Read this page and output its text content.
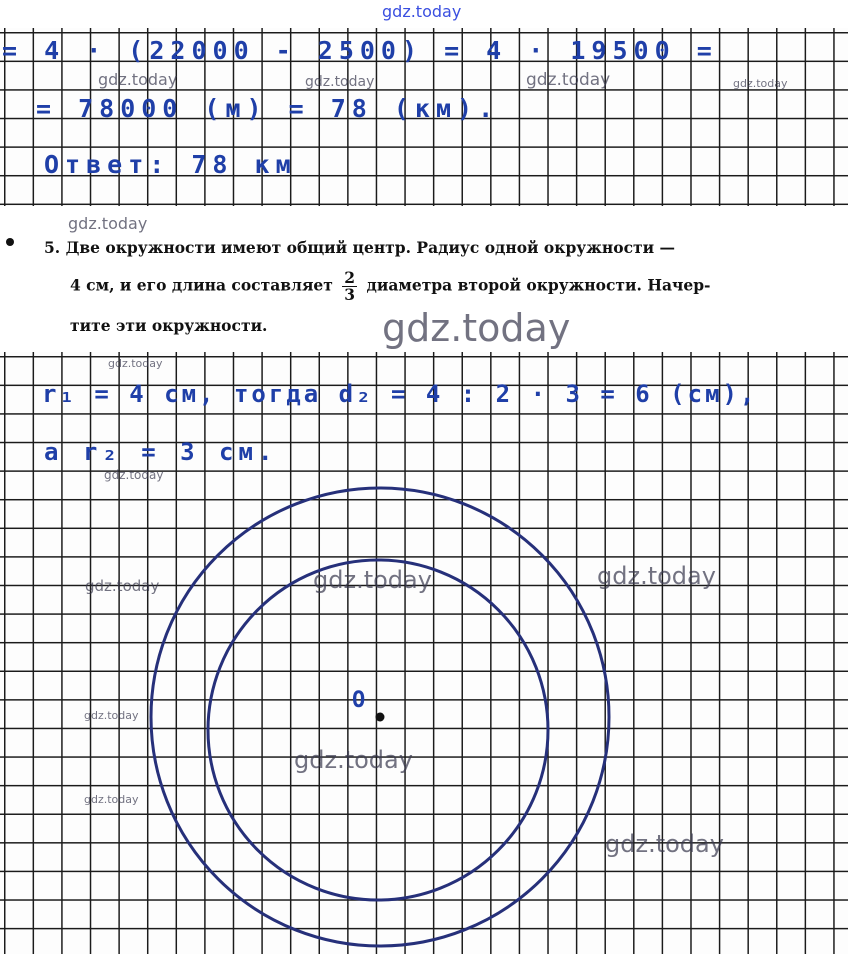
gdz.today
= 4 · (22000 - 2500) = 4 · 19500 =
= 78000 (м) = 78 (км).
Ответ: 78 км
gdz.today	gdz.today	gdz.today	gdz.today
gdz.today
5. Две окружности имеют общий центр. Радиус одной окружности —
4 см, и его длина составляет $\frac{2}{3}$ диаметра второй окружности. Начер-
тите эти окружности.	gdz.today
r₁ = 4 см, тогда d₂ = 4 : 2 · 3 = 6 (см),
а r₂ = 3 см.
O
gdz.today
gdz.today
gdz.today	gdz.today	gdz.today
gdz.today
gdz.today
gdz.today
gdz.today
